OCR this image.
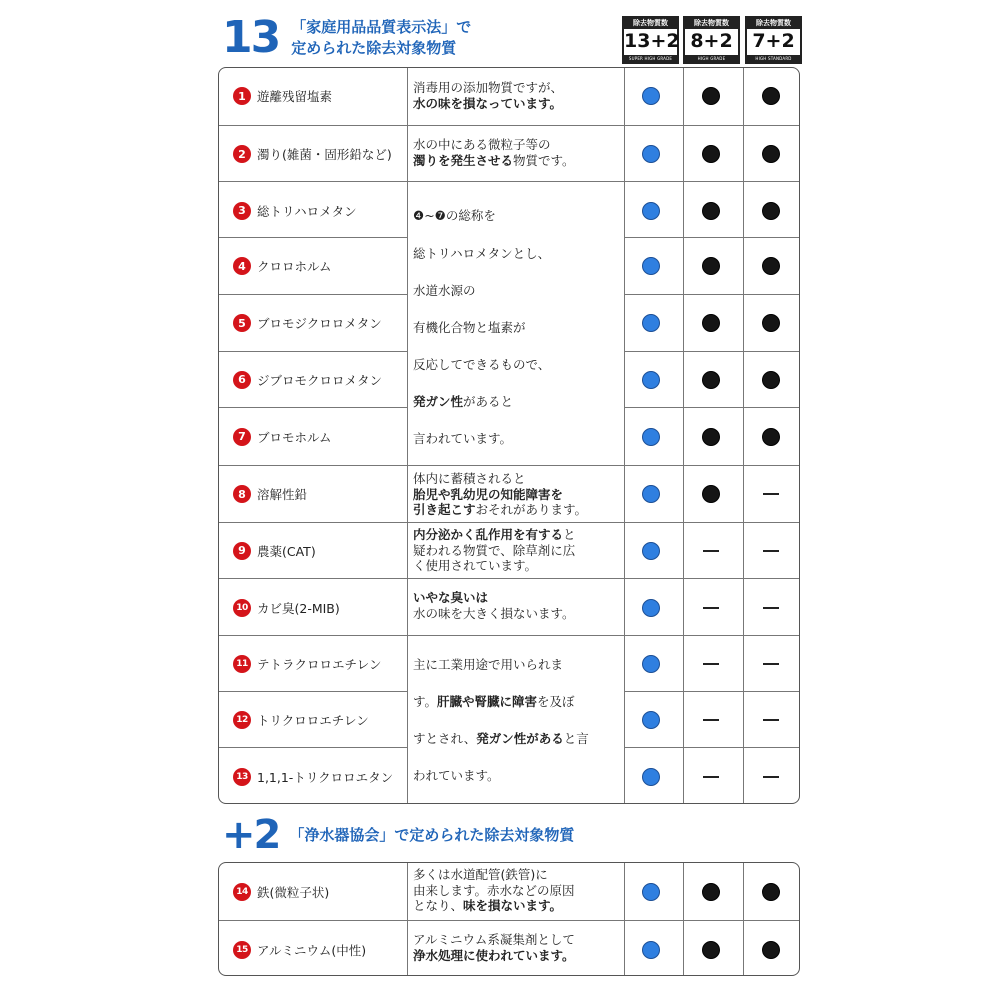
13 「家庭用品品質表示法」で
定められた除去対象物質
除去物質数
13+2
SUPER HIGH GRADE
除去物質数
8+2
HIGH GRADE
除去物質数
7+2
HIGH STANDARD
1 遊離残留塩素
2 濁り(雑菌・固形鉛など)
3 総トリハロメタン
4 クロロホルム
5 ブロモジクロロメタン
6 ジブロモクロロメタン
7 ブロモホルム
8 溶解性鉛
9 農薬(CAT)
10 カビ臭(2-MIB)
11 テトラクロロエチレン
12 トリクロロエチレン
13 1,1,1-トリクロロエタン
消毒用の添加物質ですが、
水の味を損なっています。
水の中にある微粒子等の
濁りを発生させる物質です。
❹~❼の総称を
総トリハロメタンとし、
水道水源の
有機化合物と塩素が
反応してできるもので、
発ガン性があると
言われています。
体内に蓄積されると
胎児や乳幼児の知能障害を
引き起こすおそれがあります。
内分泌かく乱作用を有すると
疑われる物質で、除草剤に広
く使用されています。
いやな臭いは
水の味を大きく損ないます。
主に工業用途で用いられま
す。肝臓や腎臓に障害を及ぼ
すとされ、発ガン性があると言
われています。
+2 「浄水器協会」で定められた除去対象物質
14 鉄(微粒子状)
15 アルミニウム(中性)
多くは水道配管(鉄管)に
由来します。赤水などの原因
となり、味を損ないます。
アルミニウム系凝集剤として
浄水処理に使われています。
